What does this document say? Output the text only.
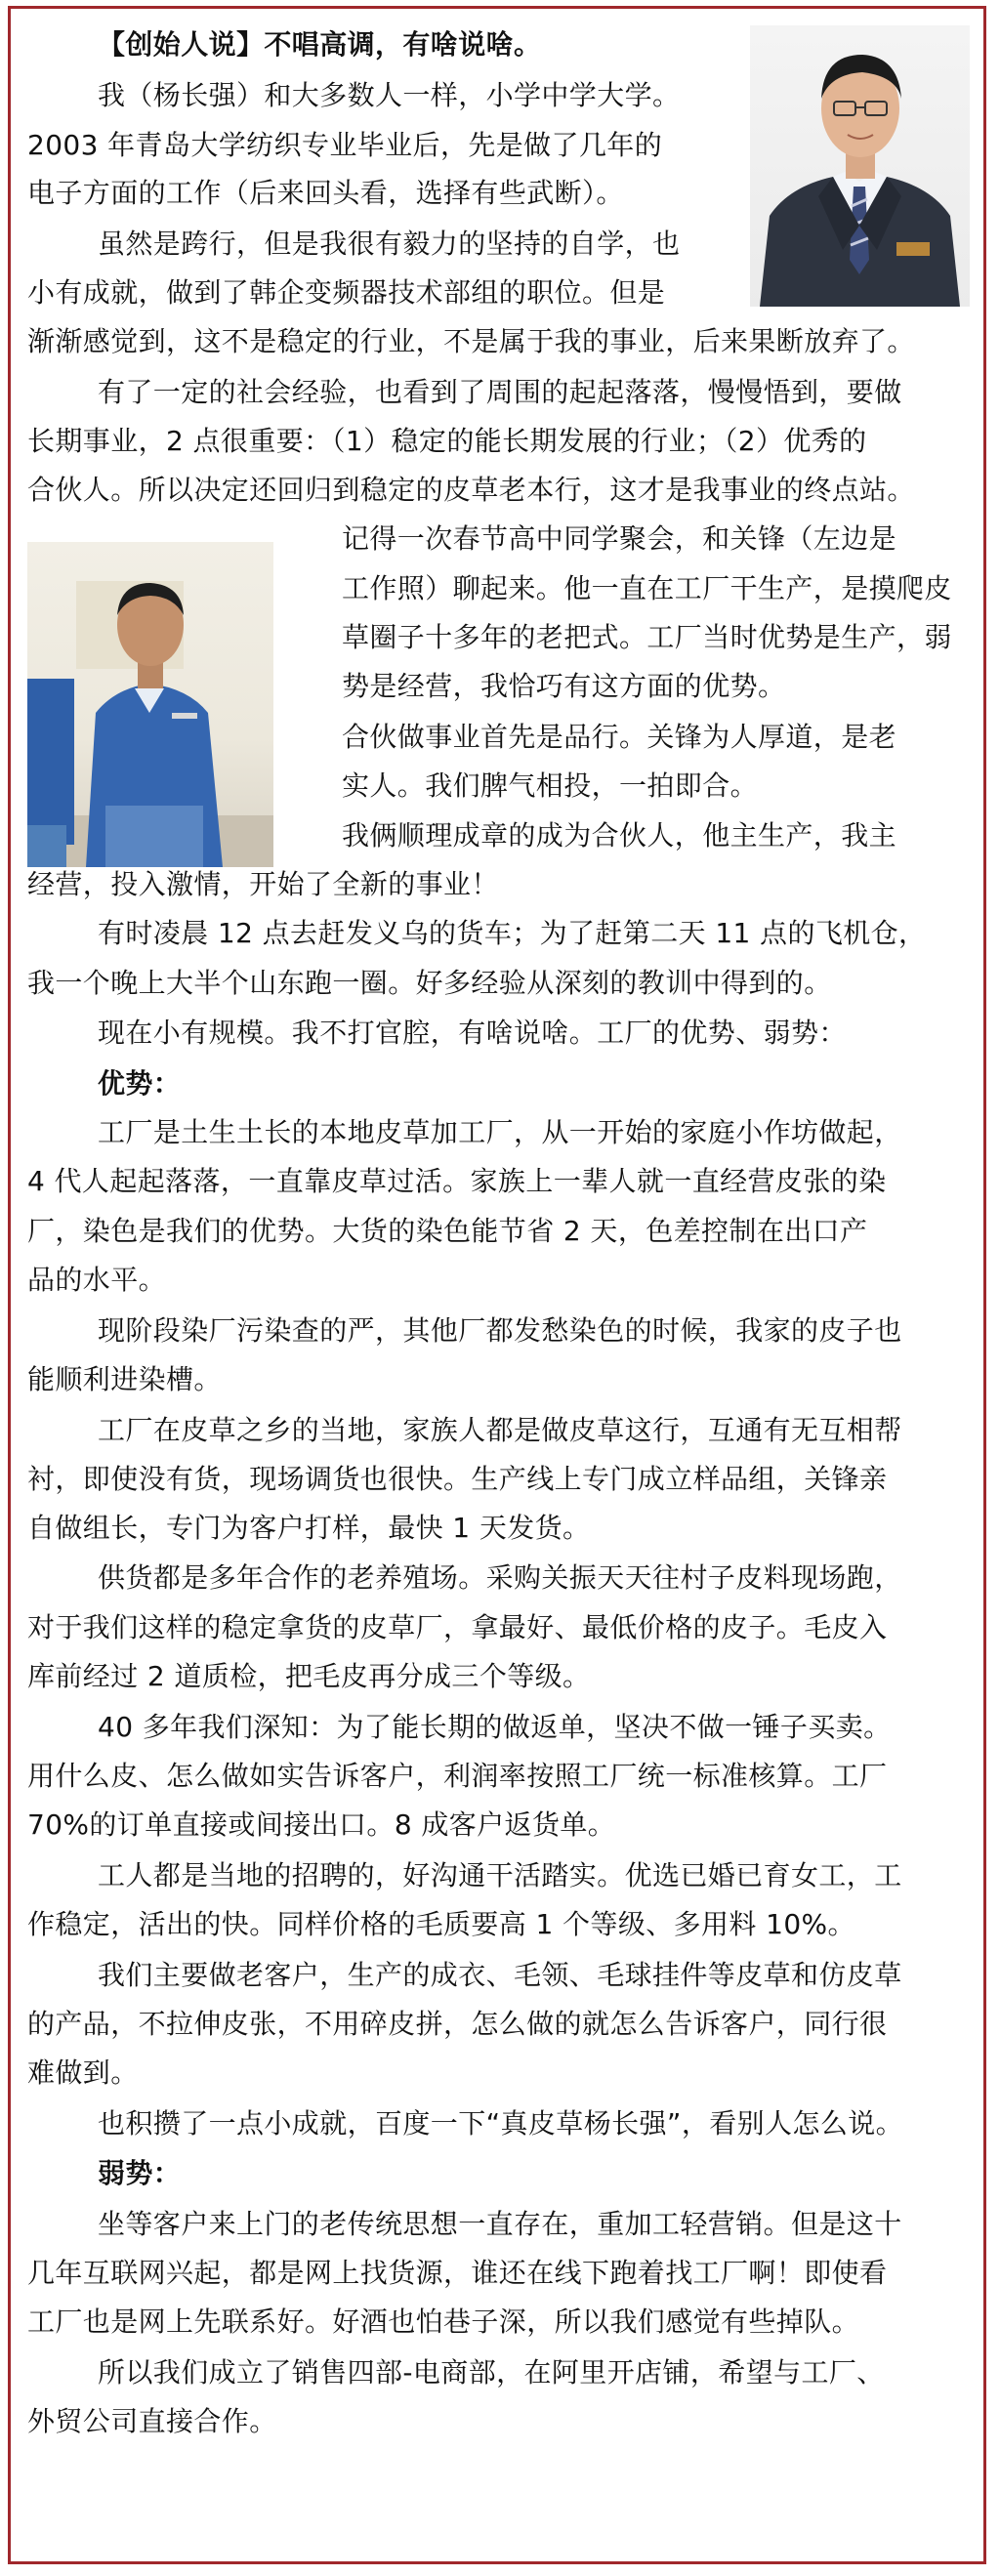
【创始人说】不唱高调，有啥说啥。
我（杨长强）和大多数人一样，小学中学大学。
2003 年青岛大学纺织专业毕业后，先是做了几年的
电子方面的工作（后来回头看，选择有些武断）。
虽然是跨行，但是我很有毅力的坚持的自学，也
小有成就，做到了韩企变频器技术部组的职位。但是
渐渐感觉到，这不是稳定的行业，不是属于我的事业，后来果断放弃了。
有了一定的社会经验，也看到了周围的起起落落，慢慢悟到，要做
长期事业，2 点很重要：（1）稳定的能长期发展的行业；（2）优秀的
合伙人。所以决定还回归到稳定的皮草老本行，这才是我事业的终点站。
记得一次春节高中同学聚会，和关锋（左边是
工作照）聊起来。他一直在工厂干生产，是摸爬皮
草圈子十多年的老把式。工厂当时优势是生产，弱
势是经营，我恰巧有这方面的优势。
合伙做事业首先是品行。关锋为人厚道，是老
实人。我们脾气相投，一拍即合。
我俩顺理成章的成为合伙人，他主生产，我主
经营，投入激情，开始了全新的事业！
有时凌晨 12 点去赶发义乌的货车；为了赶第二天 11 点的飞机仓，
我一个晚上大半个山东跑一圈。好多经验从深刻的教训中得到的。
现在小有规模。我不打官腔，有啥说啥。工厂的优势、弱势：
优势：
工厂是土生土长的本地皮草加工厂，从一开始的家庭小作坊做起，
4 代人起起落落，一直靠皮草过活。家族上一辈人就一直经营皮张的染
厂，染色是我们的优势。大货的染色能节省 2 天，色差控制在出口产
品的水平。
现阶段染厂污染查的严，其他厂都发愁染色的时候，我家的皮子也
能顺利进染槽。
工厂在皮草之乡的当地，家族人都是做皮草这行，互通有无互相帮
衬，即使没有货，现场调货也很快。生产线上专门成立样品组，关锋亲
自做组长，专门为客户打样，最快 1 天发货。
供货都是多年合作的老养殖场。采购关振天天往村子皮料现场跑，
对于我们这样的稳定拿货的皮草厂，拿最好、最低价格的皮子。毛皮入
库前经过 2 道质检，把毛皮再分成三个等级。
40 多年我们深知：为了能长期的做返单，坚决不做一锤子买卖。
用什么皮、怎么做如实告诉客户，利润率按照工厂统一标准核算。工厂
70%的订单直接或间接出口。8 成客户返货单。
工人都是当地的招聘的，好沟通干活踏实。优选已婚已育女工，工
作稳定，活出的快。同样价格的毛质要高 1 个等级、多用料 10%。
我们主要做老客户，生产的成衣、毛领、毛球挂件等皮草和仿皮草
的产品，不拉伸皮张，不用碎皮拼，怎么做的就怎么告诉客户，同行很
难做到。
也积攒了一点小成就，百度一下“真皮草杨长强”，看别人怎么说。
弱势：
坐等客户来上门的老传统思想一直存在，重加工轻营销。但是这十
几年互联网兴起，都是网上找货源，谁还在线下跑着找工厂啊！即使看
工厂也是网上先联系好。好酒也怕巷子深，所以我们感觉有些掉队。
所以我们成立了销售四部-电商部，在阿里开店铺，希望与工厂、
外贸公司直接合作。
